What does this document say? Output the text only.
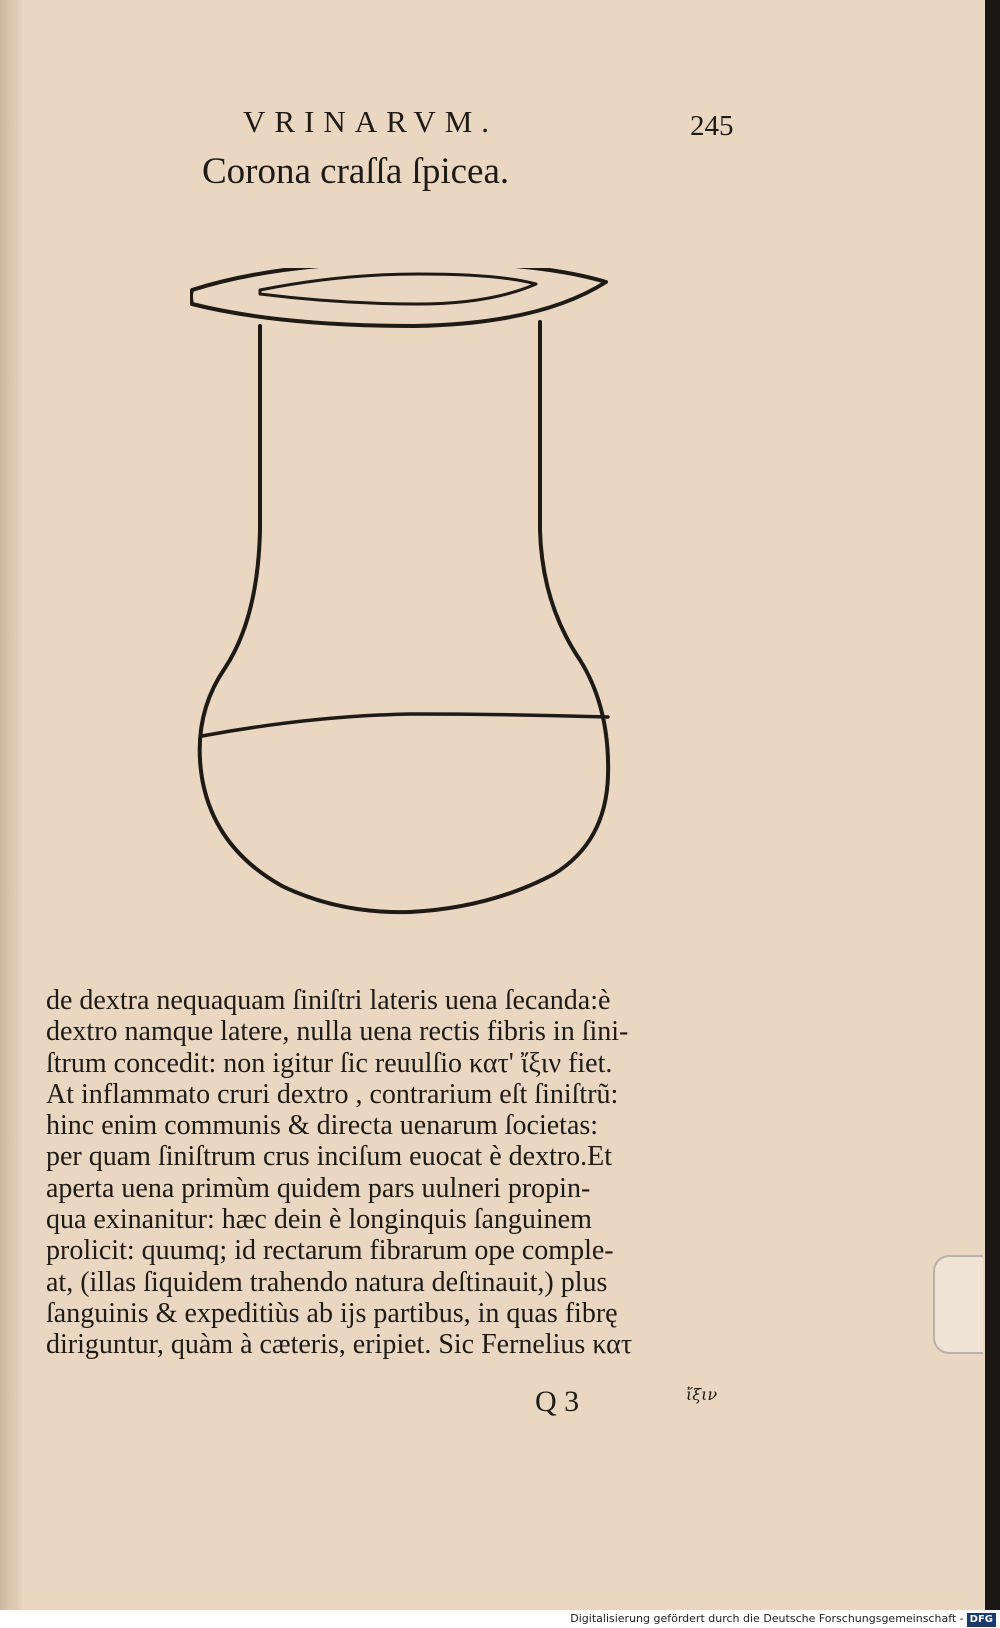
VRINARVM.	245
Corona craſſa ſpicea.
de dextra nequaquam ſiniſtri lateris uena ſecanda:è
dextro namque latere, nulla uena rectis fibris in ſini-
ſtrum concedit: non igitur ſic reuulſio κατ' ἴξιν fiet.
At inflammato cruri dextro , contrarium eſt ſiniſtrũ:
hinc enim communis & directa uenarum ſocietas:
per quam ſiniſtrum crus inciſum euocat è dextro.Et
aperta uena primùm quidem pars uulneri propin-
qua exinanitur: hæc dein è longinquis ſanguinem
prolicit: quumq; id rectarum fibrarum ope comple-
at, (illas ſiquidem trahendo natura deſtinauit,) plus
ſanguinis & expeditiùs ab ijs partibus, in quas fibrę
diriguntur, quàm à cæteris, eripiet. Sic Fernelius κατ
Q 3	ἴξιν
Digitalisierung gefördert durch die Deutsche Forschungsgemeinschaft - DFG
